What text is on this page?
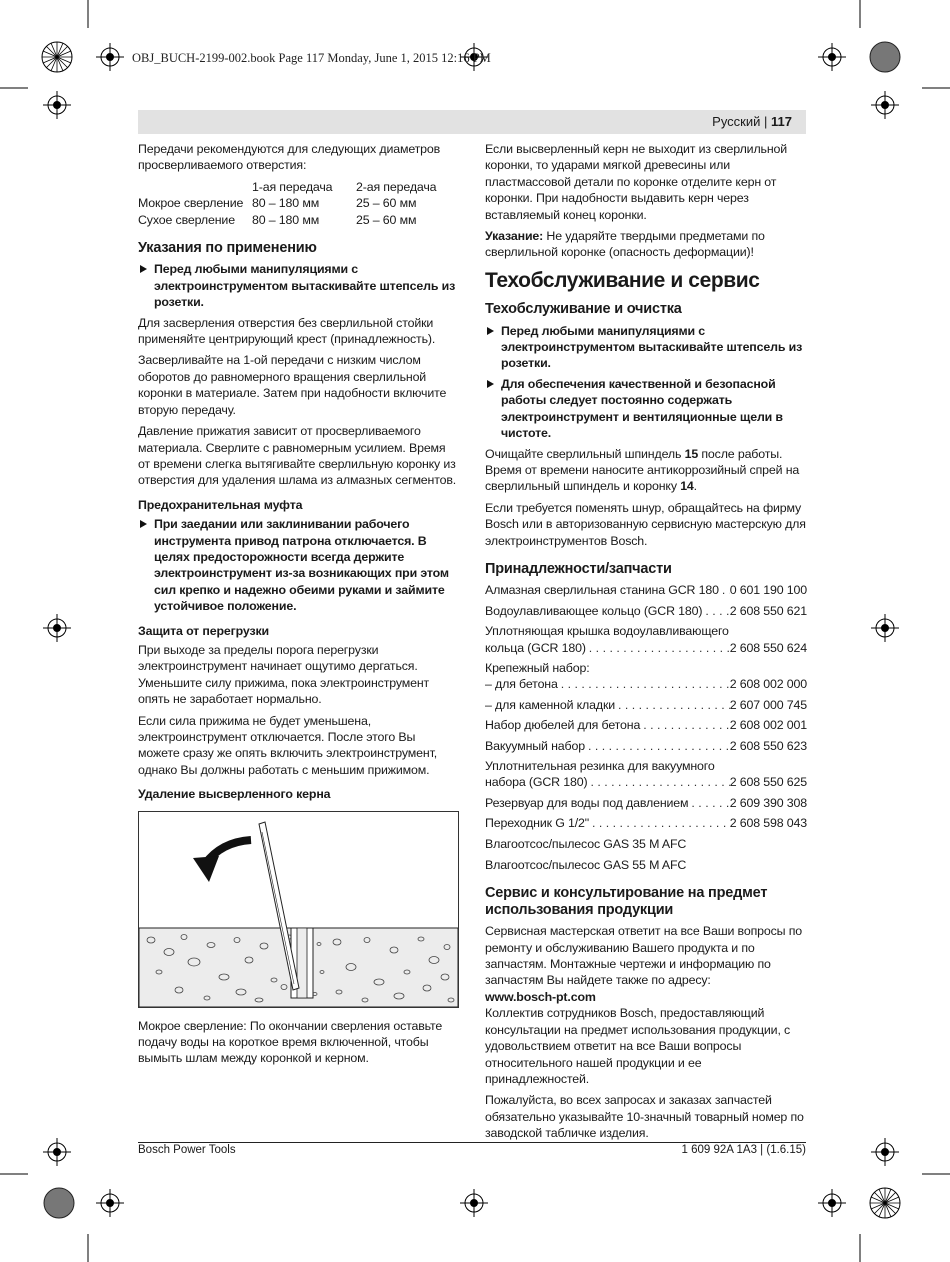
OBJ_BUCH-2199-002.book Page 117 Monday, June 1, 2015 12:16 PM
Русский | 117

Передачи рекомендуются для следующих диаметров просверливаемого отверстия:

	1-ая передача	2-ая передача
Мокрое сверление	80 – 180 мм	25 – 60 мм
Сухое сверление	80 – 180 мм	25 – 60 мм
Указания по применению
Перед любыми манипуляциями с электроинструментом вытаскивайте штепсель из розетки.

Для засверления отверстия без сверлильной стойки применяйте центрирующий крест (принадлежность).

Засверливайте на 1-ой передачи с низким числом оборотов до равномерного вращения сверлильной коронки в материале. Затем при надобности включите вторую передачу.

Давление прижатия зависит от просверливаемого материала. Сверлите с равномерным усилием. Время от времени слегка вытягивайте сверлильную коронку из отверстия для удаления шлама из алмазных сегментов.

Предохранительная муфта
При заедании или заклинивании рабочего инструмента привод патрона отключается. В целях предосторожности всегда держите электроинструмент из-за возникающих при этом сил крепко и надежно обеими руками и займите устойчивое положение.
Защита от перегрузки

При выходе за пределы порога перегрузки электроинструмент начинает ощутимо дергаться. Уменьшите силу прижима, пока электроинструмент опять не заработает нормально.

Если сила прижима не будет уменьшена, электроинструмент отключается. После этого Вы можете сразу же опять включить электроинструмент, однако Вы должны работать с меньшим прижимом.

Удаление высверленного керна

Мокрое сверление: По окончании сверления оставьте подачу воды на короткое время включенной, чтобы вымыть шлам между коронкой и керном.

Если высверленный керн не выходит из сверлильной коронки, то ударами мягкой древесины или пластмассовой детали по коронке отделите керн от коронки. При надобности выдавить керн через вставляемый конец коронки.

Указание: Не ударяйте твердыми предметами по сверлильной коронке (опасность деформации)!

Техобслуживание и сервис
Техобслуживание и очистка
Перед любыми манипуляциями с электроинструментом вытаскивайте штепсель из розетки.
Для обеспечения качественной и безопасной работы следует постоянно содержать электроинструмент и вентиляционные щели в чистоте.

Очищайте сверлильный шпиндель 15 после работы. Время от времени наносите антикоррозийный спрей на сверлильный шпиндель и коронку 14.

Если требуется поменять шнур, обращайтесь на фирму Bosch или в авторизованную сервисную мастерскую для электроинструментов Bosch.

Принадлежности/запчасти
Алмазная сверлильная станина GCR 180 . . . 0 601 190 100
Водоулавливающее кольцо (GCR 180) . . . 2 608 550 621
Уплотняющая крышка водоулавливающего
кольца (GCR 180) . . .	2 608 550 624
Крепежный набор:
– для бетона . . .	2 608 002 000
– для каменной кладки . . .	2 607 000 745
Набор дюбелей для бетона . . .	2 608 002 001
Вакуумный набор . . .	2 608 550 623
Уплотнительная резинка для вакуумного
набора (GCR 180) . . .	2 608 550 625
Резервуар для воды под давлением . . .	2 609 390 308
Переходник G 1/2" . . .	2 608 598 043

Влагоотсос/пылесос GAS 35 M AFC

Влагоотсос/пылесос GAS 55 M AFC

Сервис и консультирование на предмет использования продукции

Сервисная мастерская ответит на все Ваши вопросы по ремонту и обслуживанию Вашего продукта и по запчастям. Монтажные чертежи и информацию по запчастям Вы найдете также по адресу:

www.bosch-pt.com

Коллектив сотрудников Bosch, предоставляющий консультации на предмет использования продукции, с удовольствием ответит на все Ваши вопросы относительного нашей продукции и ее принадлежностей.

Пожалуйста, во всех запросах и заказах запчастей обязательно указывайте 10-значный товарный номер по заводской табличке изделия.

Bosch Power Tools	1 609 92A 1A3 | (1.6.15)
